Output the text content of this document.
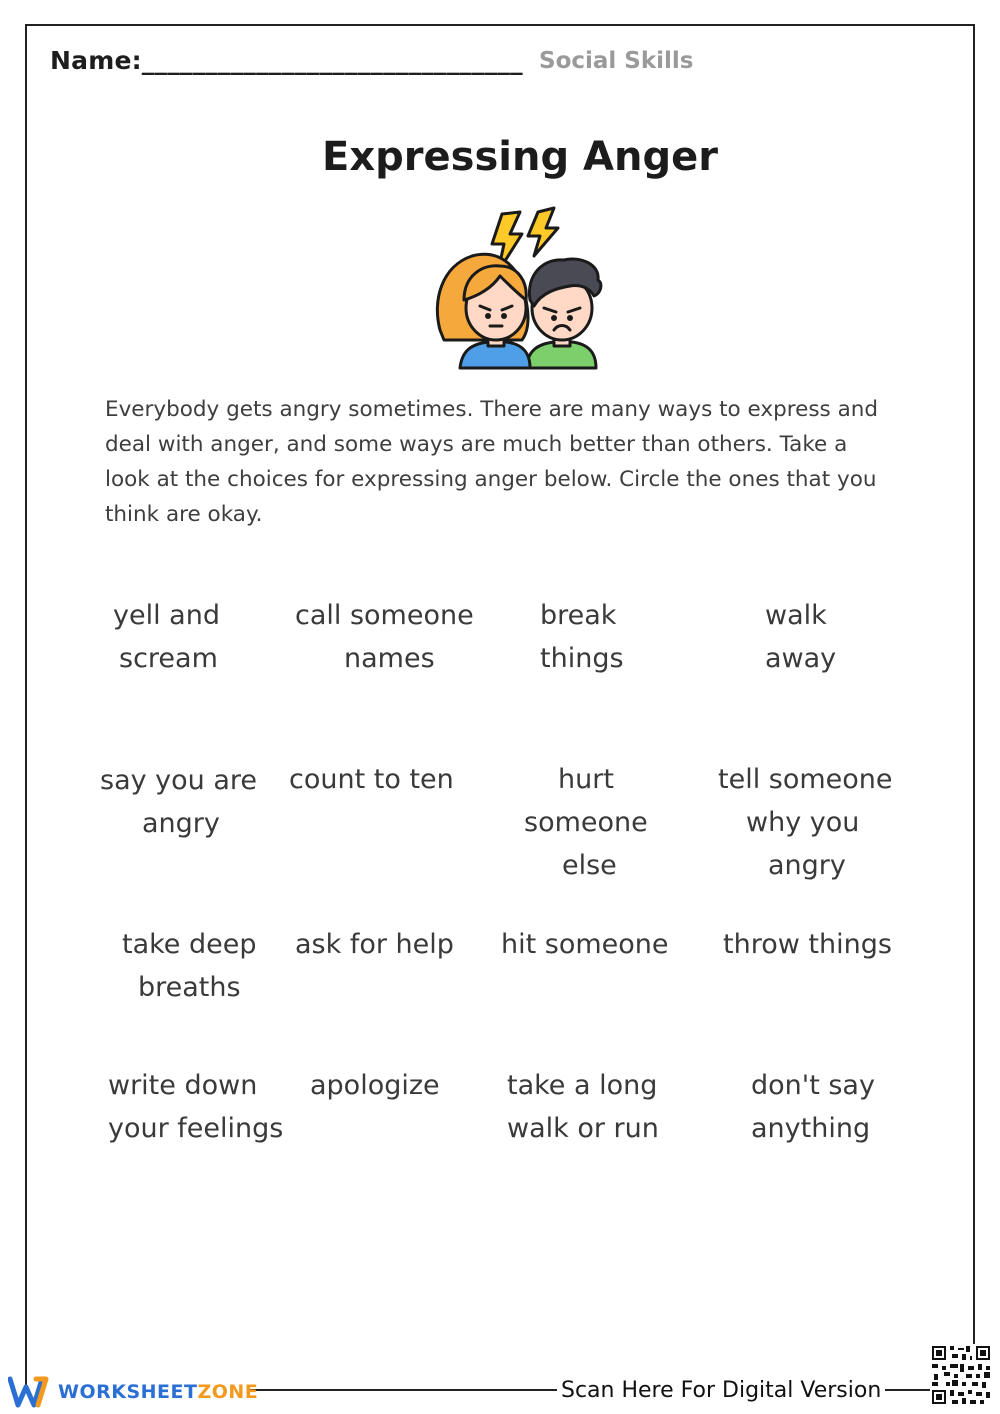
Name:______________________________ Social Skills
Expressing Anger
Everybody gets angry sometimes. There are many ways to express and deal with anger, and some ways are much better than others. Take a look at the choices for expressing anger below. Circle the ones that you think are okay.
yell and
scream
call someone
names
break
things
walk
away
say you are
angry
count to ten	hurt
someone
else
tell someone
why you
angry
take deep
breaths
ask for help hit someone throw things
write down
your feelings
apologize take a long
walk or run
don't say
anything
WORKSHEETZONE	Scan Here For Digital Version
